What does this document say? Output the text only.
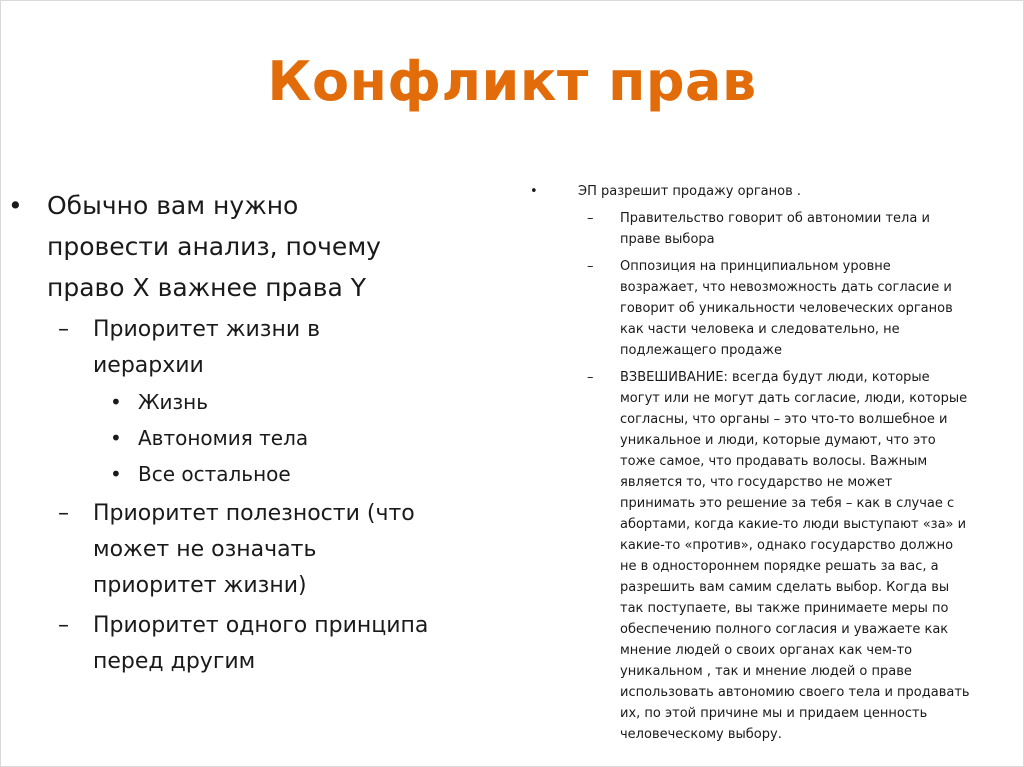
Конфликт прав
• Обычно вам нужно провести анализ, почему право X важнее права Y
– Приоритет жизни в иерархии
• Жизнь
• Автономия тела
• Все остальное
– Приоритет полезности (что может не означать приоритет жизни)
– Приоритет одного принципа перед другим
•	ЭП разрешит продажу органов .
– Правительство говорит об автономии тела и праве выбора
– Оппозиция на принципиальном уровне возражает, что невозможность дать согласие и говорит об уникальности человеческих органов как части человека и следовательно, не подлежащего продаже
– ВЗВЕШИВАНИЕ: всегда будут люди, которые могут или не могут дать согласие, люди, которые согласны, что органы – это что-то волшебное и уникальное и люди, которые думают, что это тоже самое, что продавать волосы. Важным является то, что государство не может принимать это решение за тебя – как в случае с абортами, когда какие-то люди выступают «за» и какие-то «против», однако государство должно не в одностороннем порядке решать за вас, а разрешить вам самим сделать выбор. Когда вы так поступаете, вы также принимаете меры по обеспечению полного согласия и уважаете как мнение людей о своих органах как чем-то уникальном , так и мнение людей о праве использовать автономию своего тела и продавать их, по этой причине мы и придаем ценность человеческому выбору.
